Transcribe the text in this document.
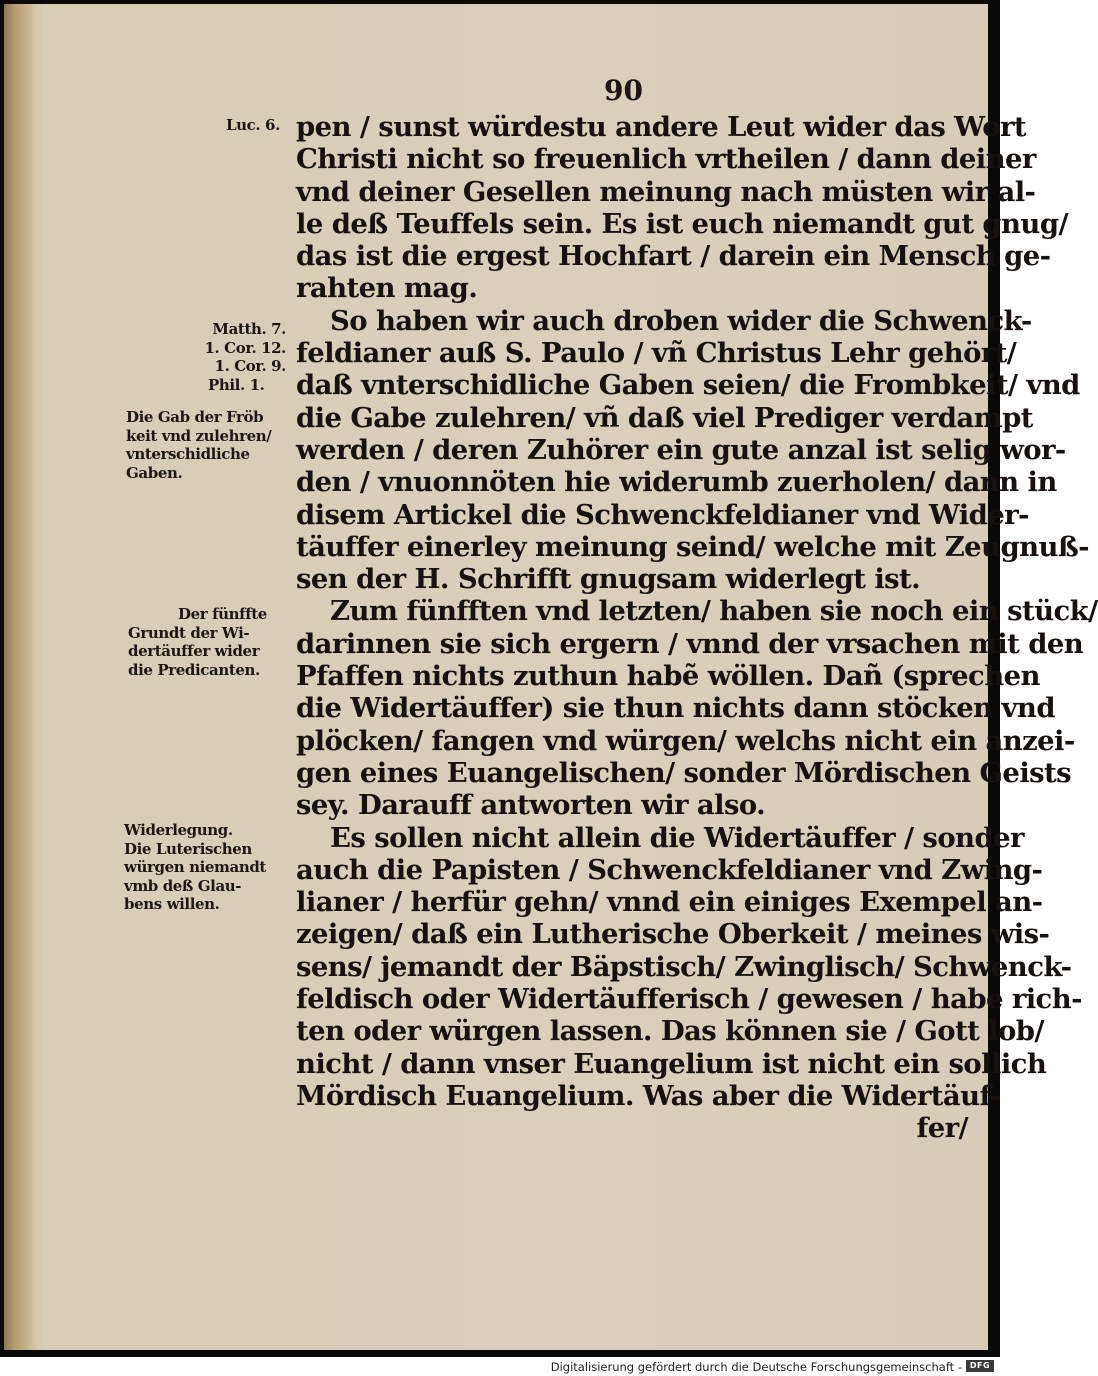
90
pen / sunst würdestu andere Leut wider das Wort
Christi nicht so freuenlich vrtheilen / dann deiner
vnd deiner Gesellen meinung nach müsten wir al-
le deß Teuffels sein. Es ist euch niemandt gut gnug/
das ist die ergest Hochfart / darein ein Mensch ge-
rahten mag.
So haben wir auch droben wider die Schwenck-
feldianer auß S. Paulo / vñ Christus Lehr gehört/
daß vnterschidliche Gaben seien/ die Frombkeit/ vnd
die Gabe zulehren/ vñ daß viel Prediger verdampt
werden / deren Zuhörer ein gute anzal ist selig wor-
den / vnuonnöten hie widerumb zuerholen/ dann in
disem Artickel die Schwenckfeldianer vnd Wider-
täuffer einerley meinung seind/ welche mit Zeugnuß-
sen der H. Schrifft gnugsam widerlegt ist.
Zum fünfften vnd letzten/ haben sie noch ein stück/
darinnen sie sich ergern / vnnd der vrsachen mit den
Pfaffen nichts zuthun habẽ wöllen. Dañ (sprechen
die Widertäuffer) sie thun nichts dann stöcken vnd
plöcken/ fangen vnd würgen/ welchs nicht ein anzei-
gen eines Euangelischen/ sonder Mördischen Geists
sey. Darauff antworten wir also.
Es sollen nicht allein die Widertäuffer / sonder
auch die Papisten / Schwenckfeldianer vnd Zwing-
lianer / herfür gehn/ vnnd ein einiges Exempel an-
zeigen/ daß ein Lutherische Oberkeit / meines wis-
sens/ jemandt der Bäpstisch/ Zwinglisch/ Schwenck-
feldisch oder Widertäufferisch / gewesen / habe rich-
ten oder würgen lassen. Das können sie / Gott lob/
nicht / dann vnser Euangelium ist nicht ein sollich
Mördisch Euangelium. Was aber die Widertäuf-
fer/
Luc. 6.
Matth. 7.
1. Cor. 12.
1. Cor. 9.
Phil. 1.
Die Gab der Fröb
keit vnd zulehren/
vnterschidliche
Gaben.
Der fünffte
Grundt der Wi-
dertäuffer wider
die Predicanten.
Widerlegung.
Die Luterischen
würgen niemandt
vmb deß Glau-
bens willen.
Digitalisierung gefördert durch die Deutsche Forschungsgemeinschaft - DFG
